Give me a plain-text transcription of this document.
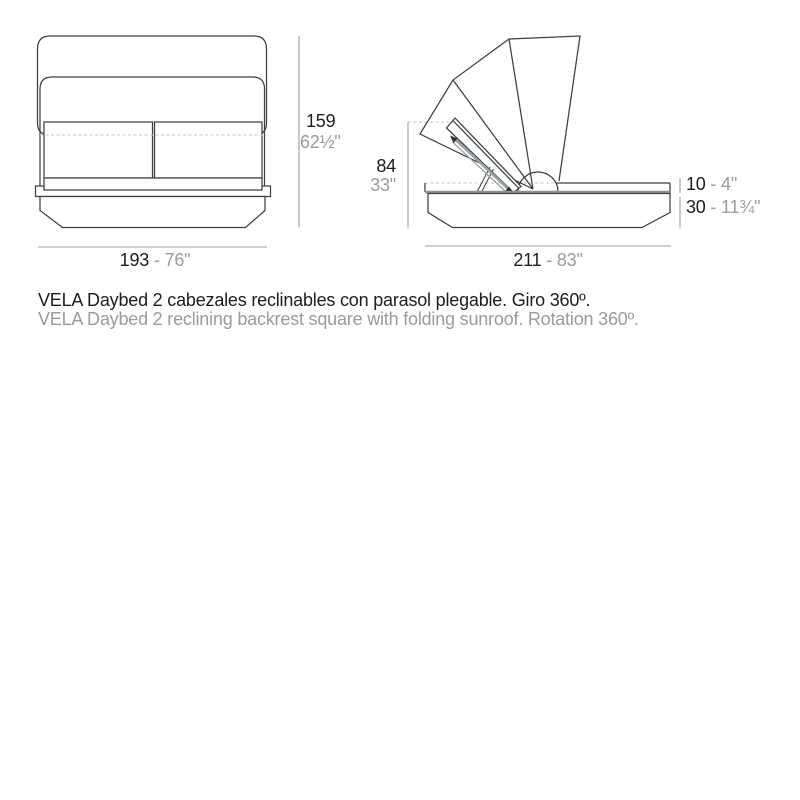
159
62½"
193 - 76"
84
33"	10 - 4"
30 - 11¾"
211 - 83"
VELA Daybed 2 cabezales reclinables con parasol plegable. Giro 360º.
VELA Daybed 2 reclining backrest square with folding sunroof. Rotation 360º.
